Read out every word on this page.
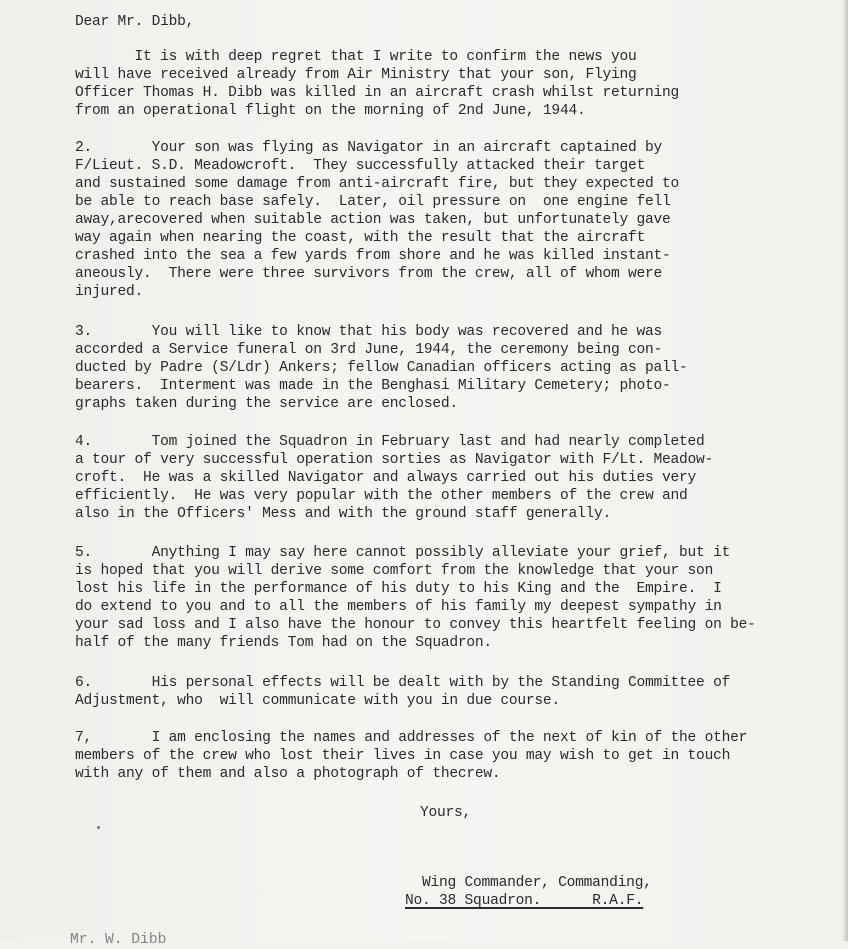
Dear Mr. Dibb,

It is with deep regret that I write to confirm the news you

will have received already from Air Ministry that your son, Flying

Officer Thomas H. Dibb was killed in an aircraft crash whilst returning

from an operational flight on the morning of 2nd June, 1944.

2.       Your son was flying as Navigator in an aircraft captained by

F/Lieut. S.D. Meadowcroft.  They successfully attacked their target

and sustained some damage from anti-aircraft fire, but they expected to

be able to reach base safely.  Later, oil pressure on  one engine fell

away,arecovered when suitable action was taken, but unfortunately gave

way again when nearing the coast, with the result that the aircraft

crashed into the sea a few yards from shore and he was killed instant-

aneously.  There were three survivors from the crew, all of whom were

injured.

3.       You will like to know that his body was recovered and he was

accorded a Service funeral on 3rd June, 1944, the ceremony being con-

ducted by Padre (S/Ldr) Ankers; fellow Canadian officers acting as pall-

bearers.  Interment was made in the Benghasi Military Cemetery; photo-

graphs taken during the service are enclosed.

4.       Tom joined the Squadron in February last and had nearly completed

a tour of very successful operation sorties as Navigator with F/Lt. Meadow-

croft.  He was a skilled Navigator and always carried out his duties very

efficiently.  He was very popular with the other members of the crew and

also in the Officers' Mess and with the ground staff generally.

5.       Anything I may say here cannot possibly alleviate your grief, but it

is hoped that you will derive some comfort from the knowledge that your son

lost his life in the performance of his duty to his King and the  Empire.  I

do extend to you and to all the members of his family my deepest sympathy in

your sad loss and I also have the honour to convey this heartfelt feeling on be-

half of the many friends Tom had on the Squadron.

6.       His personal effects will be dealt with by the Standing Committee of

Adjustment, who  will communicate with you in due course.

7,       I am enclosing the names and addresses of the next of kin of the other

members of the crew who lost their lives in case you may wish to get in touch

with any of them and also a photograph of thecrew.

Yours,

Wing Commander, Commanding,

No. 38 Squadron.      R.A.F.

Mr. W. Dibb
